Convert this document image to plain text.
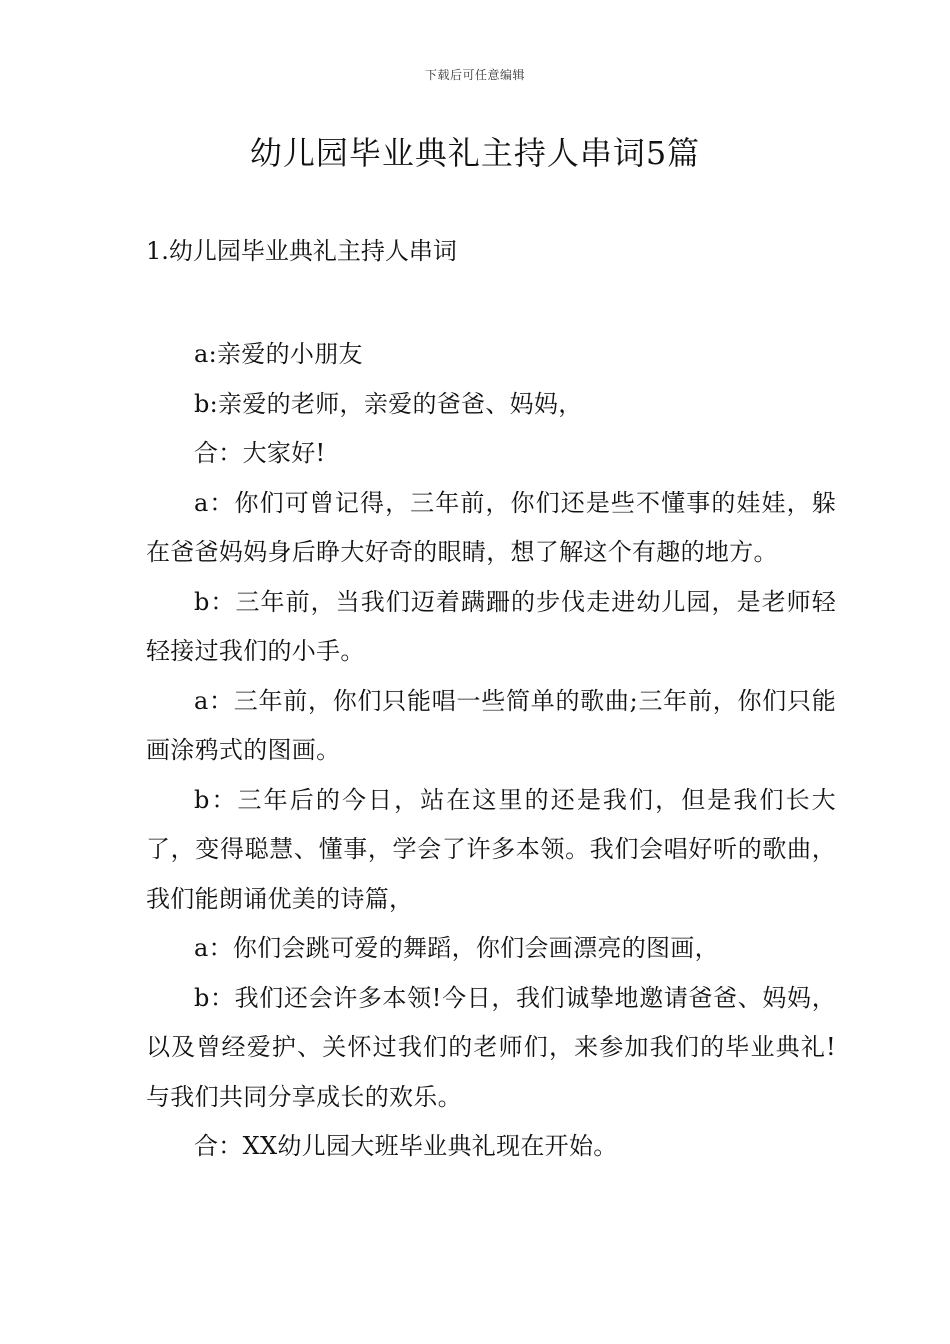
下载后可任意编辑
幼儿园毕业典礼主持人串词5篇
1.幼儿园毕业典礼主持人串词

a:亲爱的小朋友

b:亲爱的老师，亲爱的爸爸、妈妈，

合：大家好!

a：你们可曾记得，三年前，你们还是些不懂事的娃娃，躲在爸爸妈妈身后睁大好奇的眼睛，想了解这个有趣的地方。

b：三年前，当我们迈着蹒跚的步伐走进幼儿园，是老师轻轻接过我们的小手。

a：三年前，你们只能唱一些简单的歌曲;三年前，你们只能画涂鸦式的图画。

b：三年后的今日，站在这里的还是我们，但是我们长大了，变得聪慧、懂事，学会了许多本领。我们会唱好听的歌曲，我们能朗诵优美的诗篇，

a：你们会跳可爱的舞蹈，你们会画漂亮的图画，

b：我们还会许多本领!今日，我们诚挚地邀请爸爸、妈妈，以及曾经爱护、关怀过我们的老师们，来参加我们的毕业典礼!与我们共同分享成长的欢乐。

合：XX幼儿园大班毕业典礼现在开始。
